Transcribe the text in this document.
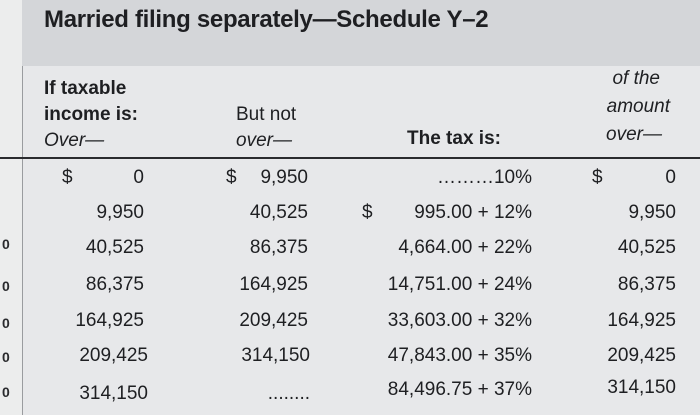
0
0
0
0
0
Married filing separately—Schedule Y–2
If taxable
income is:
Over—
But not
over—	The tax is:
of the
amount
over—
$	0	$	9,950	………10%	$	0
9,950	40,525	$	995.00 + 12%	9,950
40,525	86,375	4,664.00 + 22%	40,525
86,375	164,925	14,751.00 + 24%	86,375
164,925	209,425	33,603.00 + 32%	164,925
209,425	314,150	47,843.00 + 35%	209,425
314,150	........	84,496.75 + 37%	314,150
